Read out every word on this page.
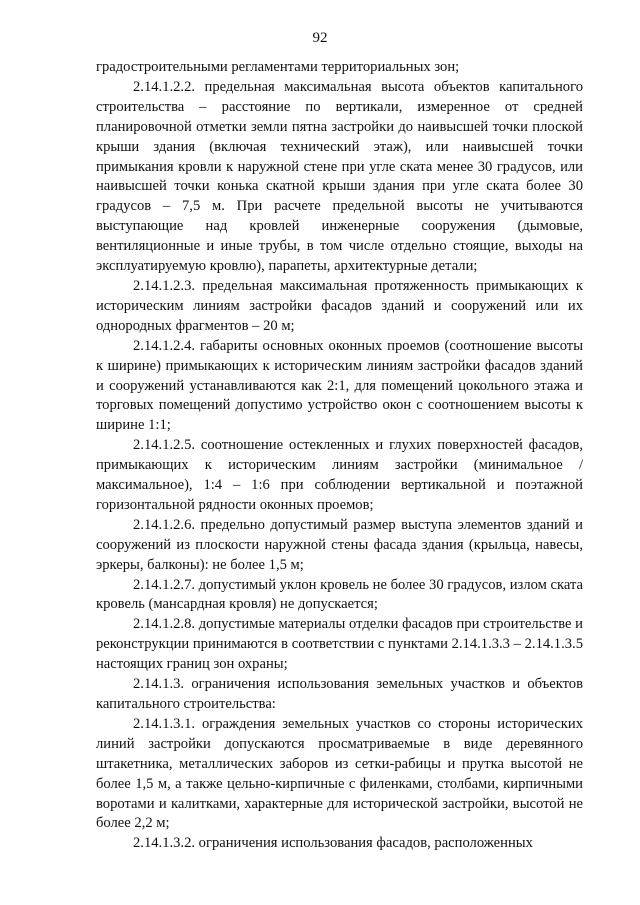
92

градостроительными регламентами территориальных зон;

2.14.1.2.2. предельная максимальная высота объектов капитального строительства – расстояние по вертикали, измеренное от средней планировочной отметки земли пятна застройки до наивысшей точки плоской крыши здания (включая технический этаж), или наивысшей точки примыкания кровли к наружной стене при угле ската менее 30 градусов, или наивысшей точки конька скатной крыши здания при угле ската более 30 градусов – 7,5 м. При расчете предельной высоты не учитываются выступающие над кровлей инженерные сооружения (дымовые, вентиляционные и иные трубы, в том числе отдельно стоящие, выходы на эксплуатируемую кровлю), парапеты, архитектурные детали;

2.14.1.2.3. предельная максимальная протяженность примыкающих к историческим линиям застройки фасадов зданий и сооружений или их однородных фрагментов – 20 м;

2.14.1.2.4. габариты основных оконных проемов (соотношение высоты к ширине) примыкающих к историческим линиям застройки фасадов зданий и сооружений устанавливаются как 2:1, для помещений цокольного этажа и торговых помещений допустимо устройство окон с соотношением высоты к ширине 1:1;

2.14.1.2.5. соотношение остекленных и глухих поверхностей фасадов, примыкающих к историческим линиям застройки (минимальное / максимальное), 1:4 – 1:6 при соблюдении вертикальной и поэтажной горизонтальной рядности оконных проемов;

2.14.1.2.6. предельно допустимый размер выступа элементов зданий и сооружений из плоскости наружной стены фасада здания (крыльца, навесы, эркеры, балконы): не более 1,5 м;

2.14.1.2.7. допустимый уклон кровель не более 30 градусов, излом ската кровель (мансардная кровля) не допускается;

2.14.1.2.8. допустимые материалы отделки фасадов при строительстве и реконструкции принимаются в соответствии с пунктами 2.14.1.3.3 – 2.14.1.3.5 настоящих границ зон охраны;

2.14.1.3. ограничения использования земельных участков и объектов капитального строительства:

2.14.1.3.1. ограждения земельных участков со стороны исторических линий застройки допускаются просматриваемые в виде деревянного штакетника, металлических заборов из сетки-рабицы и прутка высотой не более 1,5 м, а также цельно-кирпичные с филенками, столбами, кирпичными воротами и калитками, характерные для исторической застройки, высотой не более 2,2 м;

2.14.1.3.2. ограничения использования фасадов, расположенных
